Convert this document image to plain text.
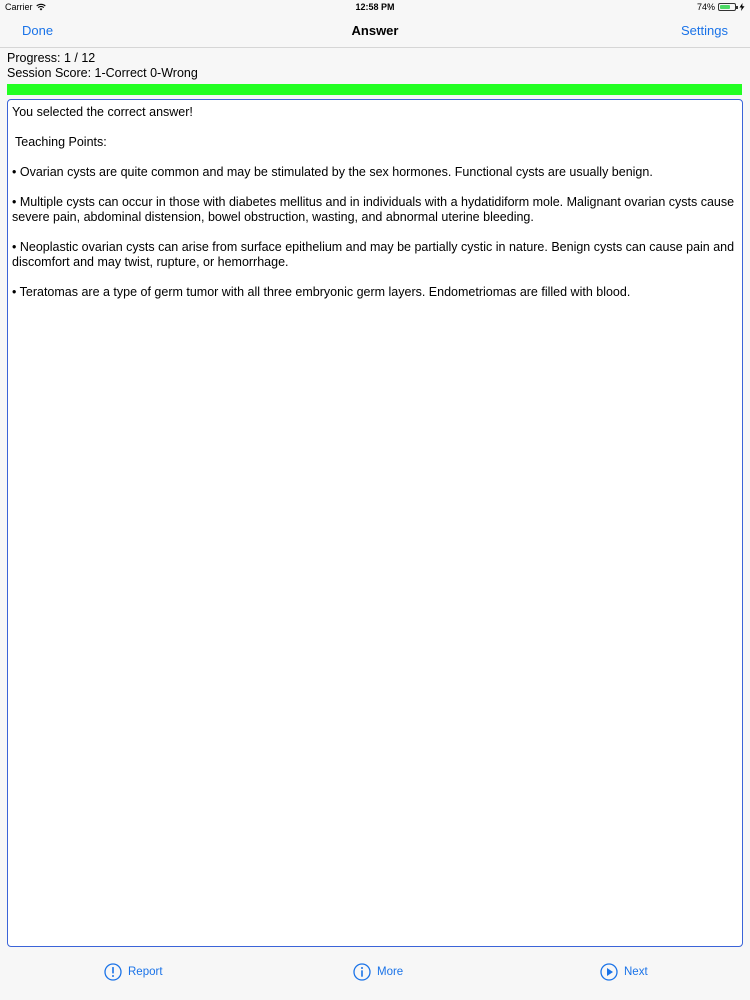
Carrier	12:58 PM	74%
Done	Answer	Settings
Progress: 1 / 12
Session Score: 1-Correct 0-Wrong

You selected the correct answer!

Teaching Points:

• Ovarian cysts are quite common and may be stimulated by the sex hormones. Functional cysts are usually benign.

• Multiple cysts can occur in those with diabetes mellitus and in individuals with a hydatidiform mole. Malignant ovarian cysts cause severe pain, abdominal distension, bowel obstruction, wasting, and abnormal uterine bleeding.

• Neoplastic ovarian cysts can arise from surface epithelium and may be partially cystic in nature. Benign cysts can cause pain and discomfort and may twist, rupture, or hemorrhage.

• Teratomas are a type of germ tumor with all three embryonic germ layers. Endometriomas are filled with blood.

Report	More	Next
